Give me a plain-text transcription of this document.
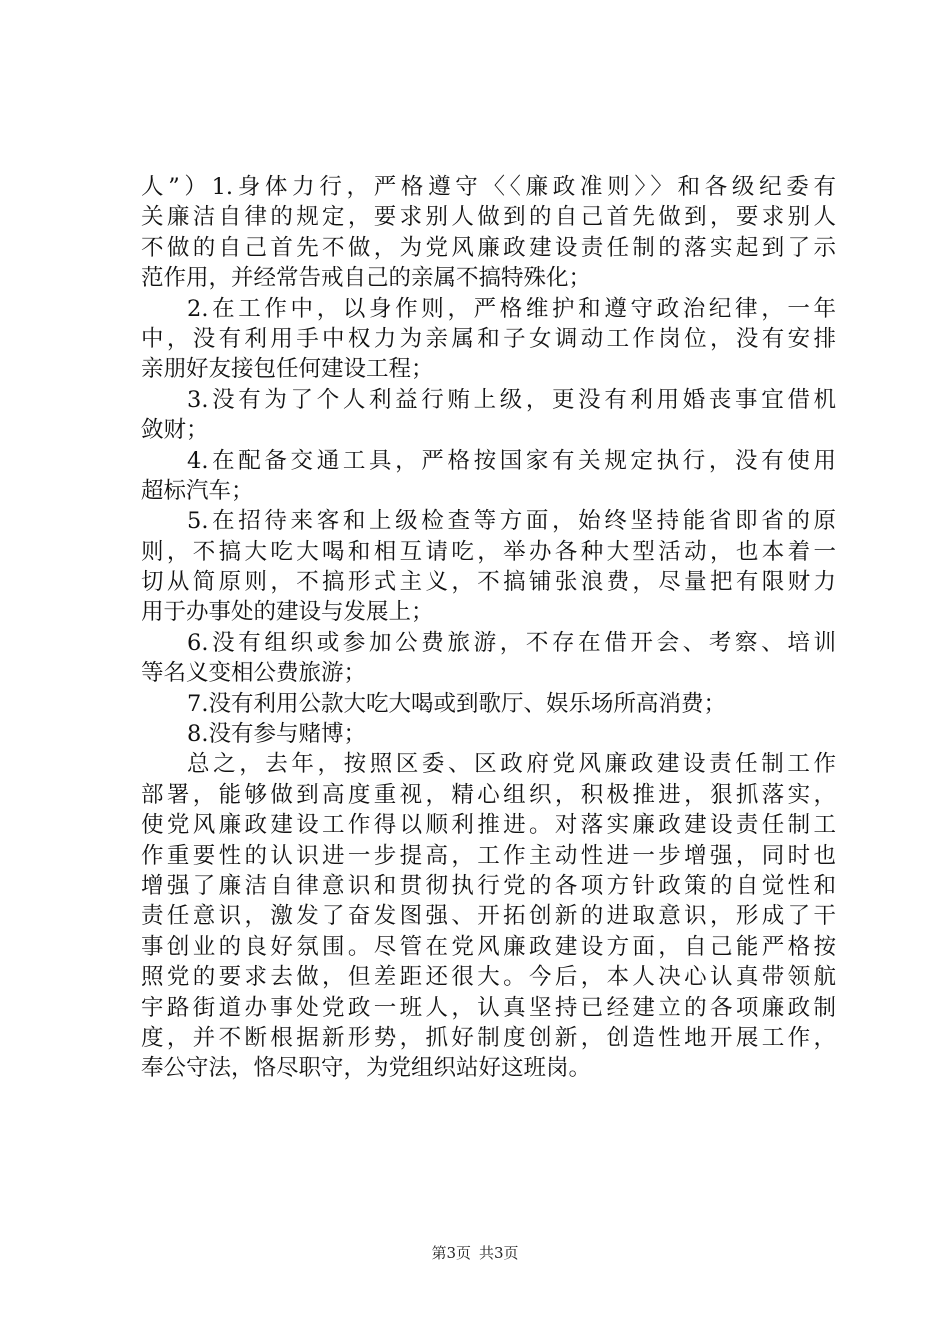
人”）1.身体力行，严格遵守〈〈廉政准则〉〉和各级纪委有
关廉洁自律的规定，要求别人做到的自己首先做到，要求别人
不做的自己首先不做，为党风廉政建设责任制的落实起到了示
范作用，并经常告戒自己的亲属不搞特殊化；
2.在工作中，以身作则，严格维护和遵守政治纪律，一年
中，没有利用手中权力为亲属和子女调动工作岗位，没有安排
亲朋好友接包任何建设工程；
3.没有为了个人利益行贿上级，更没有利用婚丧事宜借机
敛财；
4.在配备交通工具，严格按国家有关规定执行，没有使用
超标汽车；
5.在招待来客和上级检查等方面，始终坚持能省即省的原
则，不搞大吃大喝和相互请吃，举办各种大型活动，也本着一
切从简原则，不搞形式主义，不搞铺张浪费，尽量把有限财力
用于办事处的建设与发展上；
6.没有组织或参加公费旅游，不存在借开会、考察、培训
等名义变相公费旅游；
7.没有利用公款大吃大喝或到歌厅、娱乐场所高消费；
8.没有参与赌博；
总之，去年，按照区委、区政府党风廉政建设责任制工作
部署，能够做到高度重视，精心组织，积极推进，狠抓落实，
使党风廉政建设工作得以顺利推进。对落实廉政建设责任制工
作重要性的认识进一步提高，工作主动性进一步增强，同时也
增强了廉洁自律意识和贯彻执行党的各项方针政策的自觉性和
责任意识，激发了奋发图强、开拓创新的进取意识，形成了干
事创业的良好氛围。尽管在党风廉政建设方面，自己能严格按
照党的要求去做，但差距还很大。今后，本人决心认真带领航
宇路街道办事处党政一班人，认真坚持已经建立的各项廉政制
度，并不断根据新形势，抓好制度创新，创造性地开展工作，
奉公守法，恪尽职守，为党组织站好这班岗。
第3页 共3页
